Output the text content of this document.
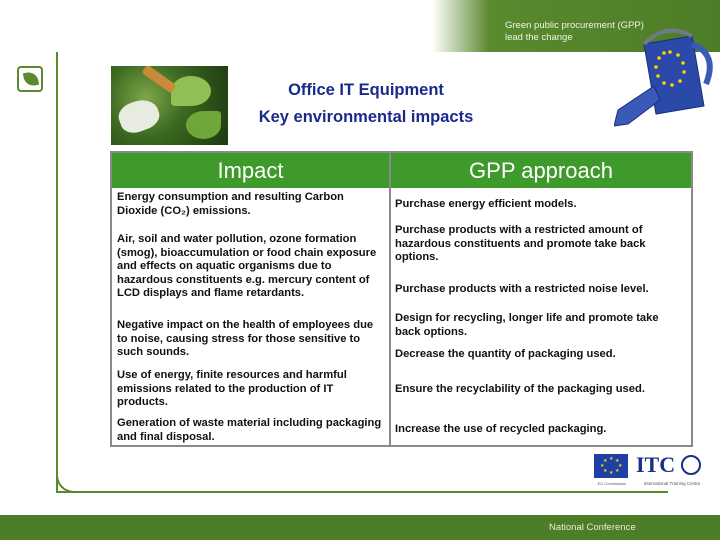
Green public procurement (GPP)
lead the change
Office IT Equipment
Key environmental impacts
Impact	GPP approach
Energy consumption and resulting Carbon Dioxide (CO₂) emissions.
Air, soil and water pollution, ozone formation (smog), bioaccumulation or food chain exposure and effects on aquatic organisms due to hazardous constituents e.g. mercury content of LCD displays and flame retardants.
Negative impact on the health of employees due to noise, causing stress for those sensitive to such sounds.
Use of energy, finite resources and harmful emissions related to the production of IT products.
Generation of waste material including packaging and final disposal.
Purchase energy efficient models.
Purchase products with a restricted amount of hazardous constituents and promote take back options.
Purchase products with a restricted noise level.
Design for recycling, longer life and promote take back options.
Decrease the quantity of packaging used.
Ensure the recyclability of the packaging used.
Increase the use of recycled packaging.
★ ★
★
★
★
★
★
★
EU Commission
ITC
International Training Centre
National Conference
